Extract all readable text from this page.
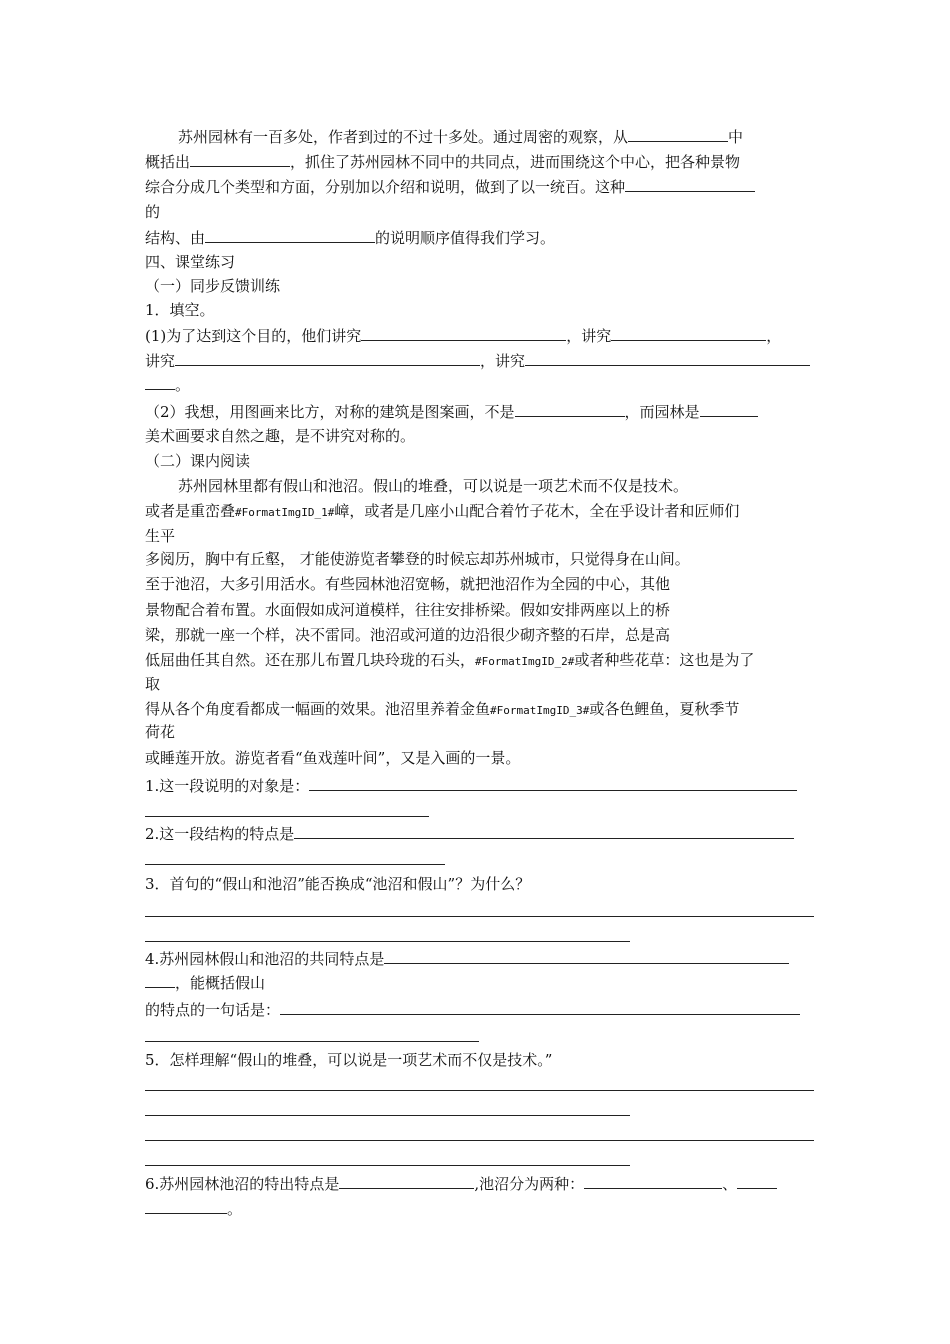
苏州园林有一百多处，作者到过的不过十多处。通过周密的观察，从	中
概括出	，抓住了苏州园林不同中的共同点，进而围绕这个中心，把各种景物
综合分成几个类型和方面，分别加以介绍和说明，做到了以一统百。这种
的
结构、由	的说明顺序值得我们学习。
四、课堂练习
（一）同步反馈训练
1．填空。
(1)为了达到这个目的，他们讲究	，讲究	，
讲究	，讲究
。
（2）我想，用图画来比方，对称的建筑是图案画，不是	，而园林是
美术画要求自然之趣，是不讲究对称的。
（二）课内阅读
苏州园林里都有假山和池沼。假山的堆叠，可以说是一项艺术而不仅是技术。
或者是重峦叠#FormatImgID_1#嶂，或者是几座小山配合着竹子花木，全在乎设计者和匠师们
生平
多阅历，胸中有丘壑， 才能使游览者攀登的时候忘却苏州城市，只觉得身在山间。
至于池沼，大多引用活水。有些园林池沼宽畅，就把池沼作为全园的中心，其他
景物配合着布置。水面假如成河道模样，往往安排桥梁。假如安排两座以上的桥
梁，那就一座一个样，决不雷同。池沼或河道的边沿很少砌齐整的石岸，总是高
低屈曲任其自然。还在那儿布置几块玲珑的石头，#FormatImgID_2#或者种些花草：这也是为了
取
得从各个角度看都成一幅画的效果。池沼里养着金鱼#FormatImgID_3#或各色鲤鱼，夏秋季节
荷花
或睡莲开放。游览者看“鱼戏莲叶间”，又是入画的一景。
1.这一段说明的对象是：
2.这一段结构的特点是
3．首句的“假山和池沼”能否换成“池沼和假山”？为什么？
4.苏州园林假山和池沼的共同特点是
，能概括假山
的特点的一句话是：
5．怎样理解“假山的堆叠，可以说是一项艺术而不仅是技术。”
6.苏州园林池沼的特出特点是	,池沼分为两种：	、
。
